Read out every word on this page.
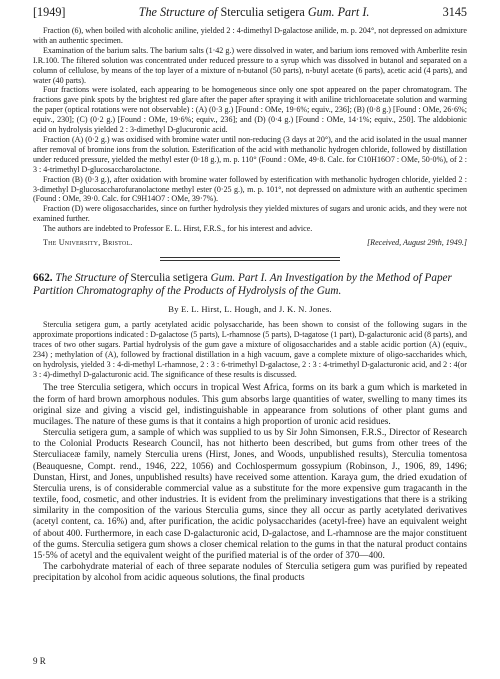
[1949]	The Structure of Sterculia setigera Gum. Part I.	3145

Fraction (6), when boiled with alcoholic aniline, yielded 2 : 4-dimethyl D-galactose anilide, m. p. 204°, not depressed on admixture with an authentic specimen.

Examination of the barium salts. The barium salts (1·42 g.) were dissolved in water, and barium ions removed with Amberlite resin I.R.100. The filtered solution was concentrated under reduced pressure to a syrup which was dissolved in butanol and separated on a column of cellulose, by means of the top layer of a mixture of n-butanol (50 parts), n-butyl acetate (6 parts), acetic acid (4 parts), and water (40 parts).

Four fractions were isolated, each appearing to be homogeneous since only one spot appeared on the paper chromatogram. The fractions gave pink spots by the brightest red glare after the paper after spraying it with aniline trichloroacetate solution and warming the paper (optical rotations were not observable) : (A) (0·3 g.) [Found : OMe, 19·6%; equiv., 236]; (B) (0·8 g.) [Found : OMe, 26·6%; equiv., 230]; (C) (0·2 g.) [Found : OMe, 19·6%; equiv., 236]; and (D) (0·4 g.) [Found : OMe, 14·1%; equiv., 250]. The aldobionic acid on hydrolysis yielded 2 : 3-dimethyl D-glucuronic acid.

Fraction (A) (0·2 g.) was oxidised with bromine water until non-reducing (3 days at 20°), and the acid isolated in the usual manner after removal of bromine ions from the solution. Esterification of the acid with methanolic hydrogen chloride, followed by distillation under reduced pressure, yielded the methyl ester (0·18 g.), m. p. 110° (Found : OMe, 49·8. Calc. for C10H16O7 : OMe, 50·0%), of 2 : 3 : 4-trimethyl D-glucosaccharolactone.

Fraction (B) (0·3 g.), after oxidation with bromine water followed by esterification with methanolic hydrogen chloride, yielded 2 : 3-dimethyl D-glucosaccharofuranolactone methyl ester (0·25 g.), m. p. 101°, not depressed on admixture with an authentic specimen (Found : OMe, 39·0. Calc. for C9H14O7 : OMe, 39·7%).

Fraction (D) were oligosaccharides, since on further hydrolysis they yielded mixtures of sugars and uronic acids, and they were not examined further.

The authors are indebted to Professor E. L. Hirst, F.R.S., for his interest and advice.

The University, Bristol.	[Received, August 29th, 1949.]
662. The Structure of Sterculia setigera Gum. Part I. An Investigation by the Method of Paper Partition Chromatography of the Products of Hydrolysis of the Gum.
By E. L. Hirst, L. Hough, and J. K. N. Jones.

Sterculia setigera gum, a partly acetylated acidic polysaccharide, has been shown to consist of the following sugars in the approximate proportions indicated : D-galactose (5 parts), L-rhamnose (5 parts), D-tagatose (1 part), D-galacturonic acid (8 parts), and traces of two other sugars. Partial hydrolysis of the gum gave a mixture of oligosaccharides and a stable acidic portion (A) (equiv., 234) ; methylation of (A), followed by fractional distillation in a high vacuum, gave a complete mixture of oligo-saccharides which, on hydrolysis, yielded 3 : 4-di-methyl L-rhamnose, 2 : 3 : 6-trimethyl D-galactose, 2 : 3 : 4-trimethyl D-galacturonic acid, and 2 : 4(or 3 : 4)-dimethyl D-galacturonic acid. The significance of these results is discussed.

The tree Sterculia setigera, which occurs in tropical West Africa, forms on its bark a gum which is marketed in the form of hard brown amorphous nodules. This gum absorbs large quantities of water, swelling to many times its original size and giving a viscid gel, indistinguishable in appearance from solutions of other plant gums and mucilages. The nature of these gums is that it contains a high proportion of uronic acid residues.

Sterculia setigera gum, a sample of which was supplied to us by Sir John Simonsen, F.R.S., Director of Research to the Colonial Products Research Council, has not hitherto been described, but gums from other trees of the Sterculiaceæ family, namely Sterculia urens (Hirst, Jones, and Woods, unpublished results), Sterculia tomentosa (Beauquesne, Compt. rend., 1946, 222, 1056) and Cochlospermum gossypium (Robinson, J., 1906, 89, 1496; Dunstan, Hirst, and Jones, unpublished results) have received some attention. Karaya gum, the dried exudation of Sterculia urens, is of considerable commercial value as a substitute for the more expensive gum tragacanth in the textile, food, cosmetic, and other industries. It is evident from the preliminary investigations that there is a striking similarity in the composition of the various Sterculia gums, since they all occur as partly acetylated derivatives (acetyl content, ca. 16%) and, after purification, the acidic polysaccharides (acetyl-free) have an equivalent weight of about 400. Furthermore, in each case D-galacturonic acid, D-galactose, and L-rhamnose are the major constituent of the gums. Sterculia setigera gum shows a closer chemical relation to the gums in that the natural product contains 15·5% of acetyl and the equivalent weight of the purified material is of the order of 370—400.

The carbohydrate material of each of three separate nodules of Sterculia setigera gum was purified by repeated precipitation by alcohol from acidic aqueous solutions, the final products

9 R
